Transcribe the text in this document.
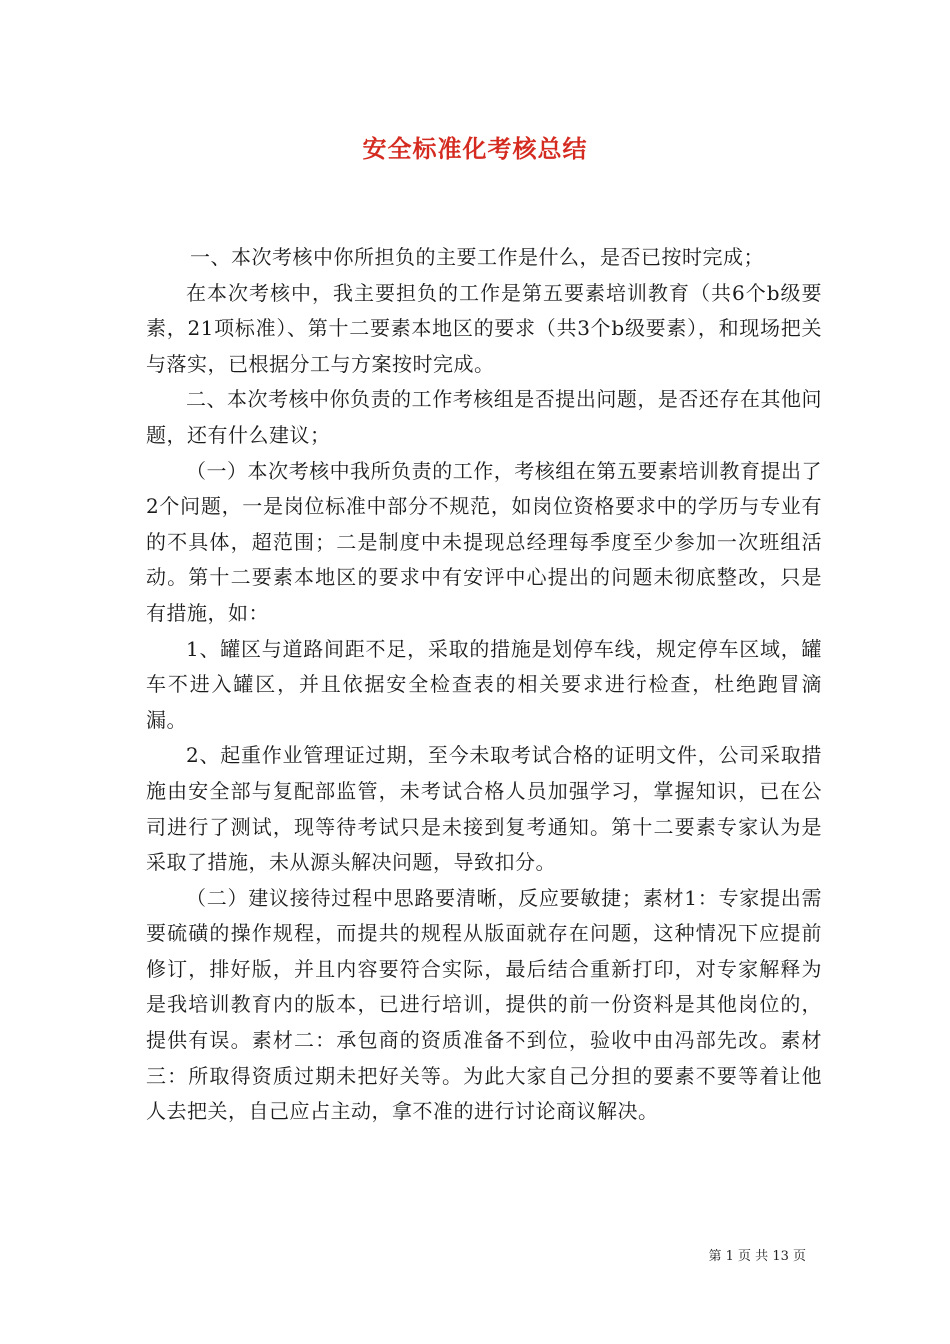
安全标准化考核总结

一、本次考核中你所担负的主要工作是什么，是否已按时完成；

在本次考核中，我主要担负的工作是第五要素培训教育（共6个b级要素，21项标准）、第十二要素本地区的要求（共3个b级要素），和现场把关与落实，已根据分工与方案按时完成。

二、本次考核中你负责的工作考核组是否提出问题，是否还存在其他问题，还有什么建议；

（一）本次考核中我所负责的工作，考核组在第五要素培训教育提出了2个问题，一是岗位标准中部分不规范，如岗位资格要求中的学历与专业有的不具体，超范围；二是制度中未提现总经理每季度至少参加一次班组活动。第十二要素本地区的要求中有安评中心提出的问题未彻底整改，只是有措施，如：

1、罐区与道路间距不足，采取的措施是划停车线，规定停车区域，罐车不进入罐区，并且依据安全检查表的相关要求进行检查，杜绝跑冒滴漏。

2、起重作业管理证过期，至今未取考试合格的证明文件，公司采取措施由安全部与复配部监管，未考试合格人员加强学习，掌握知识，已在公司进行了测试，现等待考试只是未接到复考通知。第十二要素专家认为是采取了措施，未从源头解决问题，导致扣分。

（二）建议接待过程中思路要清晰，反应要敏捷；素材1：专家提出需要硫磺的操作规程，而提共的规程从版面就存在问题，这种情况下应提前修订，排好版，并且内容要符合实际，最后结合重新打印，对专家解释为是我培训教育内的版本，已进行培训，提供的前一份资料是其他岗位的，提供有误。素材二：承包商的资质准备不到位，验收中由冯部先改。素材三：所取得资质过期未把好关等。为此大家自己分担的要素不要等着让他人去把关，自己应占主动，拿不准的进行讨论商议解决。

第 1 页 共 13 页
